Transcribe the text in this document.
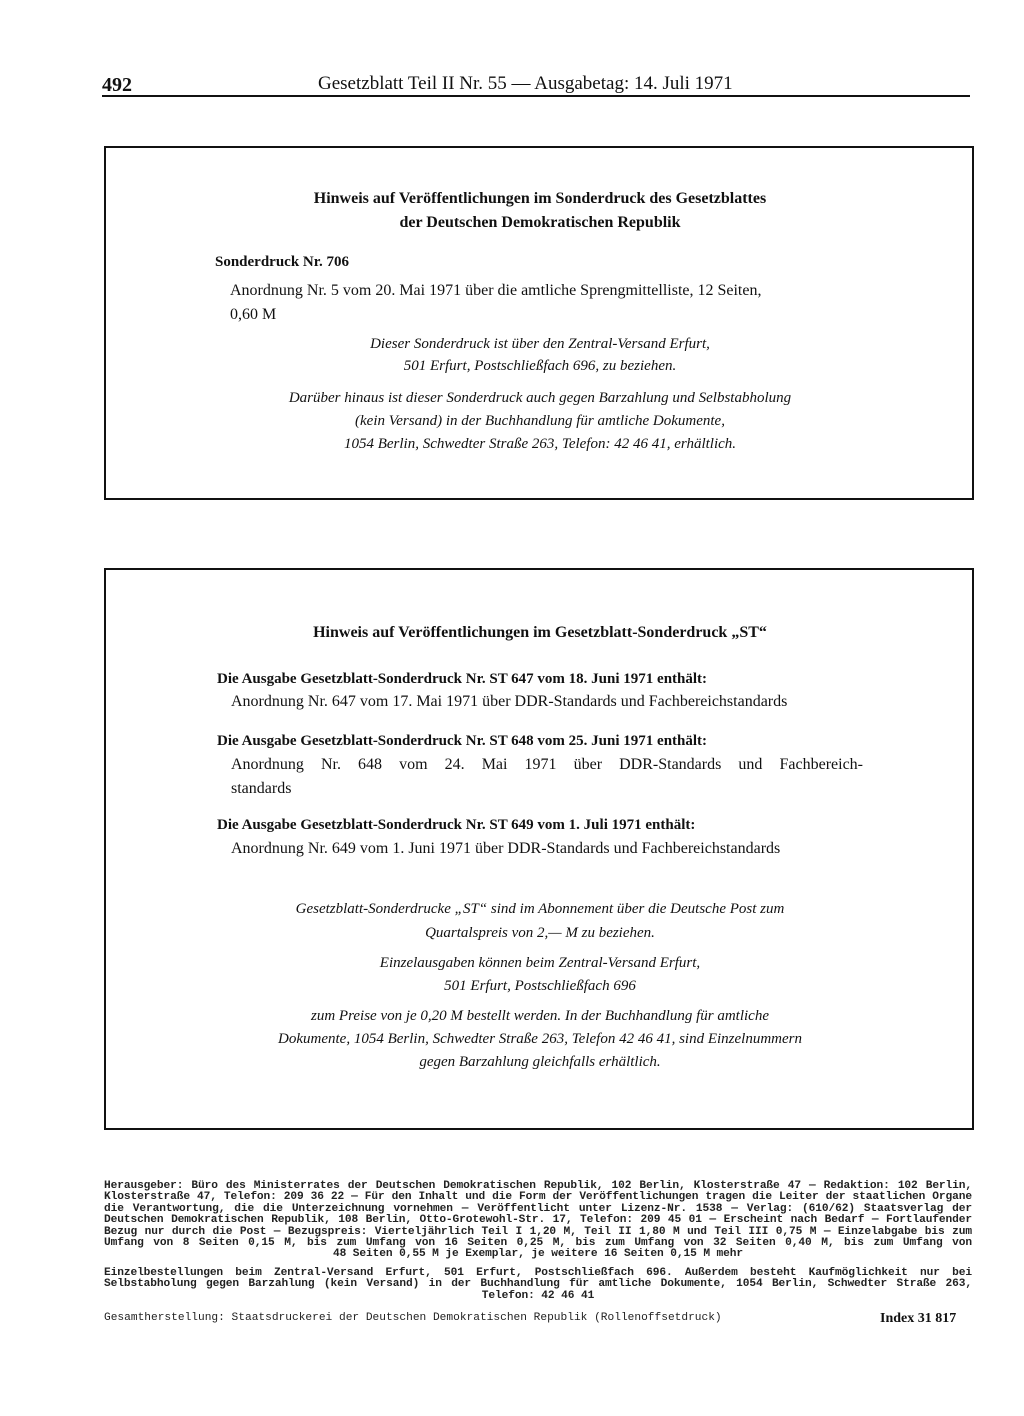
492	Gesetzblatt Teil II Nr. 55 — Ausgabetag: 14. Juli 1971
Hinweis auf Veröffentlichungen im Sonderdruck des Gesetzblattes
der Deutschen Demokratischen Republik
Sonderdruck Nr. 706
Anordnung Nr. 5 vom 20. Mai 1971 über die amtliche Sprengmittelliste, 12 Seiten,
0,60 M
Dieser Sonderdruck ist über den Zentral-Versand Erfurt,
501 Erfurt, Postschließfach 696, zu beziehen.
Darüber hinaus ist dieser Sonderdruck auch gegen Barzahlung und Selbstabholung
(kein Versand) in der Buchhandlung für amtliche Dokumente,
1054 Berlin, Schwedter Straße 263, Telefon: 42 46 41, erhältlich.
Hinweis auf Veröffentlichungen im Gesetzblatt-Sonderdruck „ST“
Die Ausgabe Gesetzblatt-Sonderdruck Nr. ST 647 vom 18. Juni 1971 enthält:
Anordnung Nr. 647 vom 17. Mai 1971 über DDR-Standards und Fachbereichstandards
Die Ausgabe Gesetzblatt-Sonderdruck Nr. ST 648 vom 25. Juni 1971 enthält:
Anordnung Nr. 648 vom 24. Mai 1971 über DDR-Standards und Fachbereich-
standards
Die Ausgabe Gesetzblatt-Sonderdruck Nr. ST 649 vom 1. Juli 1971 enthält:
Anordnung Nr. 649 vom 1. Juni 1971 über DDR-Standards und Fachbereichstandards
Gesetzblatt-Sonderdrucke „ST“ sind im Abonnement über die Deutsche Post zum
Quartalspreis von 2,— M zu beziehen.
Einzelausgaben können beim Zentral-Versand Erfurt,
501 Erfurt, Postschließfach 696
zum Preise von je 0,20 M bestellt werden. In der Buchhandlung für amtliche
Dokumente, 1054 Berlin, Schwedter Straße 263, Telefon 42 46 41, sind Einzelnummern
gegen Barzahlung gleichfalls erhältlich.
Herausgeber: Büro des Ministerrates der Deutschen Demokratischen Republik, 102 Berlin, Klosterstraße 47 — Redaktion: 102 Berlin,
Klosterstraße 47, Telefon: 209 36 22 — Für den Inhalt und die Form der Veröffentlichungen tragen die Leiter der staatlichen Organe
die Verantwortung, die die Unterzeichnung vornehmen — Veröffentlicht unter Lizenz-Nr. 1538 — Verlag: (610/62) Staatsverlag der
Deutschen Demokratischen Republik, 108 Berlin, Otto-Grotewohl-Str. 17, Telefon: 209 45 01 — Erscheint nach Bedarf — Fortlaufender
Bezug nur durch die Post — Bezugspreis: Vierteljährlich Teil I 1,20 M, Teil II 1,80 M und Teil III 0,75 M — Einzelabgabe bis zum
Umfang von 8 Seiten 0,15 M, bis zum Umfang von 16 Seiten 0,25 M, bis zum Umfang von 32 Seiten 0,40 M, bis zum Umfang von
48 Seiten 0,55 M je Exemplar, je weitere 16 Seiten 0,15 M mehr
Einzelbestellungen beim Zentral-Versand Erfurt, 501 Erfurt, Postschließfach 696. Außerdem besteht Kaufmöglichkeit nur bei
Selbstabholung gegen Barzahlung (kein Versand) in der Buchhandlung für amtliche Dokumente, 1054 Berlin, Schwedter Straße 263,
Telefon: 42 46 41
Gesamtherstellung: Staatsdruckerei der Deutschen Demokratischen Republik (Rollenoffsetdruck)	Index 31 817
